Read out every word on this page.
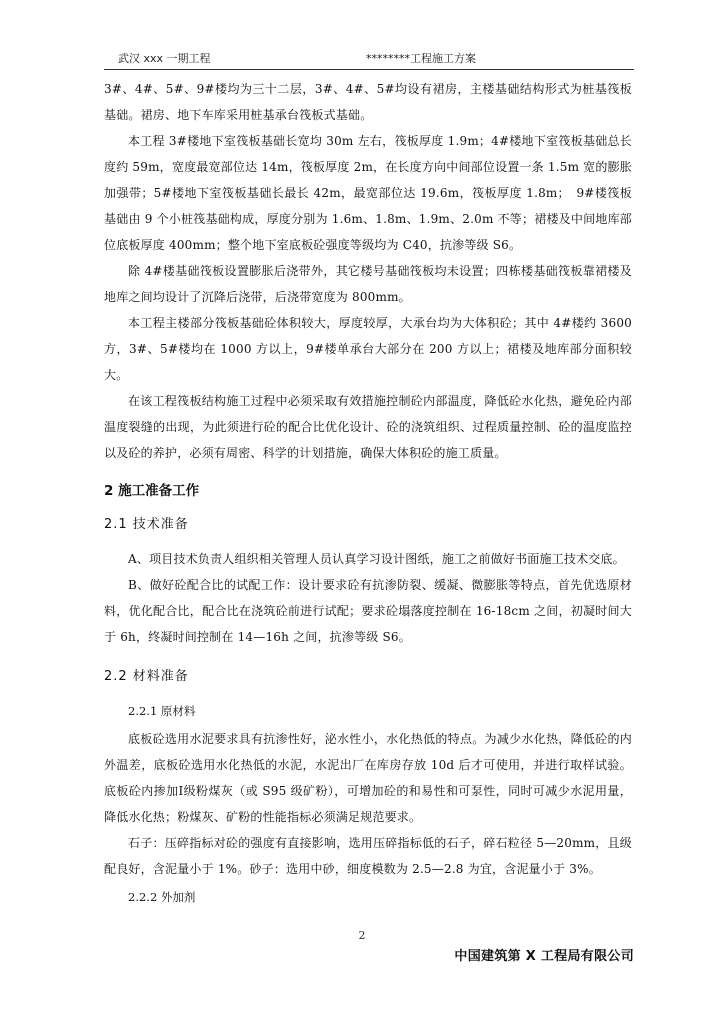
武汉 xxx 一期工程	********工程施工方案

3#、4#、5#、9#楼均为三十二层，3#、4#、5#均设有裙房，主楼基础结构形式为桩基筏板基础。裙房、地下车库采用桩基承台筏板式基础。

本工程 3#楼地下室筏板基础长宽均 30m 左右，筏板厚度 1.9m；4#楼地下室筏板基础总长度约 59m，宽度最宽部位达 14m，筏板厚度 2m，在长度方向中间部位设置一条 1.5m 宽的膨胀加强带；5#楼地下室筏板基础长最长 42m，最宽部位达 19.6m，筏板厚度 1.8m；　9#楼筏板基础由 9 个小桩筏基础构成，厚度分别为 1.6m、1.8m、1.9m、2.0m 不等；裙楼及中间地库部位底板厚度 400mm；整个地下室底板砼强度等级均为 C40，抗渗等级 S6。

除 4#楼基础筏板设置膨胀后浇带外，其它楼号基础筏板均未设置；四栋楼基础筏板靠裙楼及地库之间均设计了沉降后浇带，后浇带宽度为 800mm。

本工程主楼部分筏板基础砼体积较大，厚度较厚，大承台均为大体积砼；其中 4#楼约 3600 方，3#、5#楼均在 1000 方以上，9#楼单承台大部分在 200 方以上；裙楼及地库部分面积较大。

在该工程筏板结构施工过程中必须采取有效措施控制砼内部温度，降低砼水化热，避免砼内部温度裂缝的出现，为此须进行砼的配合比优化设计、砼的浇筑组织、过程质量控制、砼的温度监控以及砼的养护，必须有周密、科学的计划措施，确保大体积砼的施工质量。

2 施工准备工作
2.1 技术准备

A、项目技术负责人组织相关管理人员认真学习设计图纸，施工之前做好书面施工技术交底。

B、做好砼配合比的试配工作：设计要求砼有抗渗防裂、缓凝、微膨胀等特点，首先优选原材料，优化配合比，配合比在浇筑砼前进行试配；要求砼塌落度控制在 16-18cm 之间，初凝时间大于 6h，终凝时间控制在 14—16h 之间，抗渗等级 S6。

2.2 材料准备
2.2.1 原材料

底板砼选用水泥要求具有抗渗性好，泌水性小，水化热低的特点。为减少水化热，降低砼的内外温差，底板砼选用水化热低的水泥，水泥出厂在库房存放 10d 后才可使用，并进行取样试验。底板砼内掺加Ⅰ级粉煤灰（或 S95 级矿粉），可增加砼的和易性和可泵性，同时可减少水泥用量，降低水化热；粉煤灰、矿粉的性能指标必须满足规范要求。

石子：压碎指标对砼的强度有直接影响，选用压碎指标低的石子，碎石粒径 5—20mm，且级配良好，含泥量小于 1%。砂子：选用中砂，细度模数为 2.5—2.8 为宜，含泥量小于 3%。

2.2.2 外加剂
2
中国建筑第 X 工程局有限公司
